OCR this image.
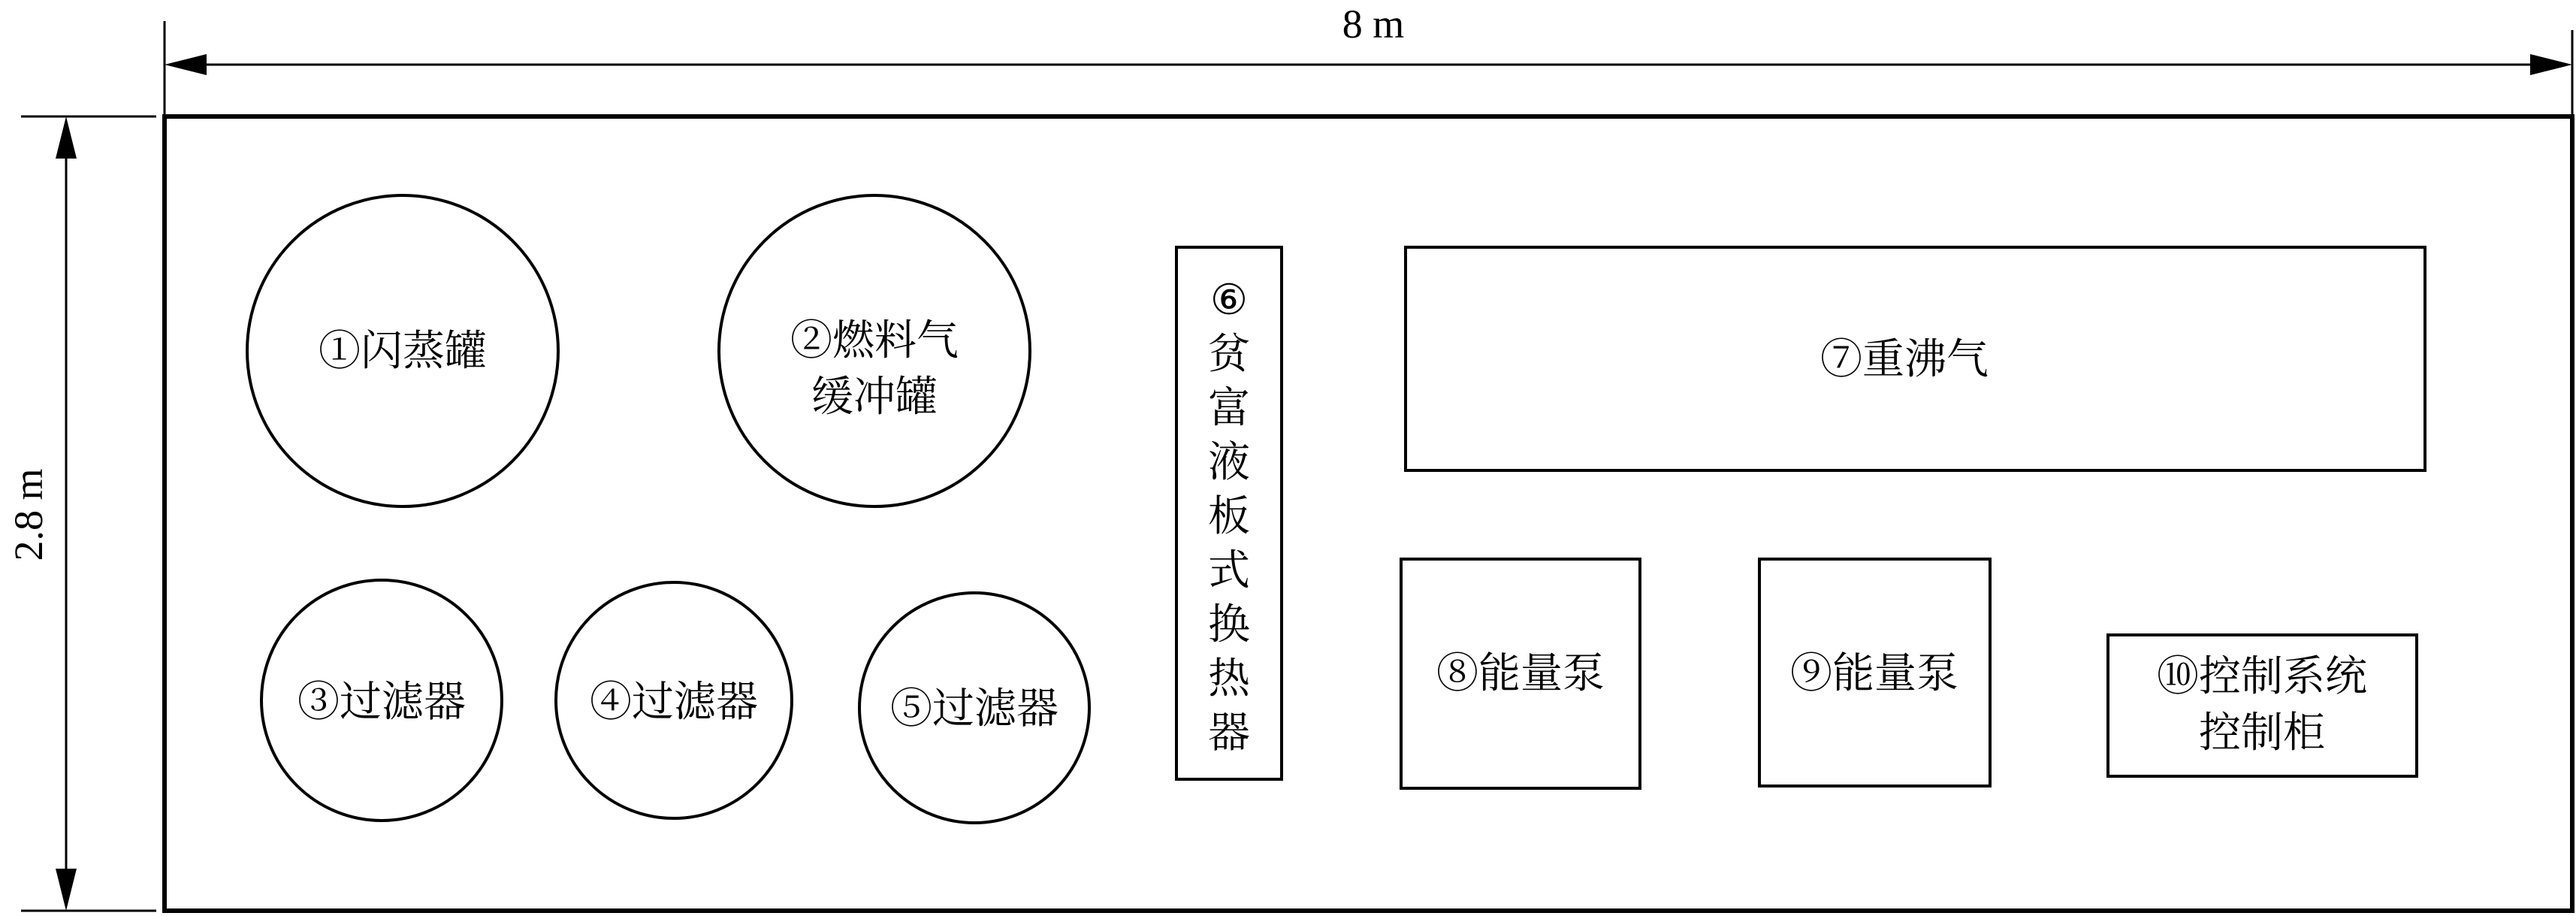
8 m
2.8 m
①闪蒸罐	②燃料气
缓冲罐
③过滤器	④过滤器	⑤过滤器
⑥
贫
富
液
板
式
换
热
器
⑦重沸气
⑧能量泵	⑨能量泵	⑩控制系统
控制柜
